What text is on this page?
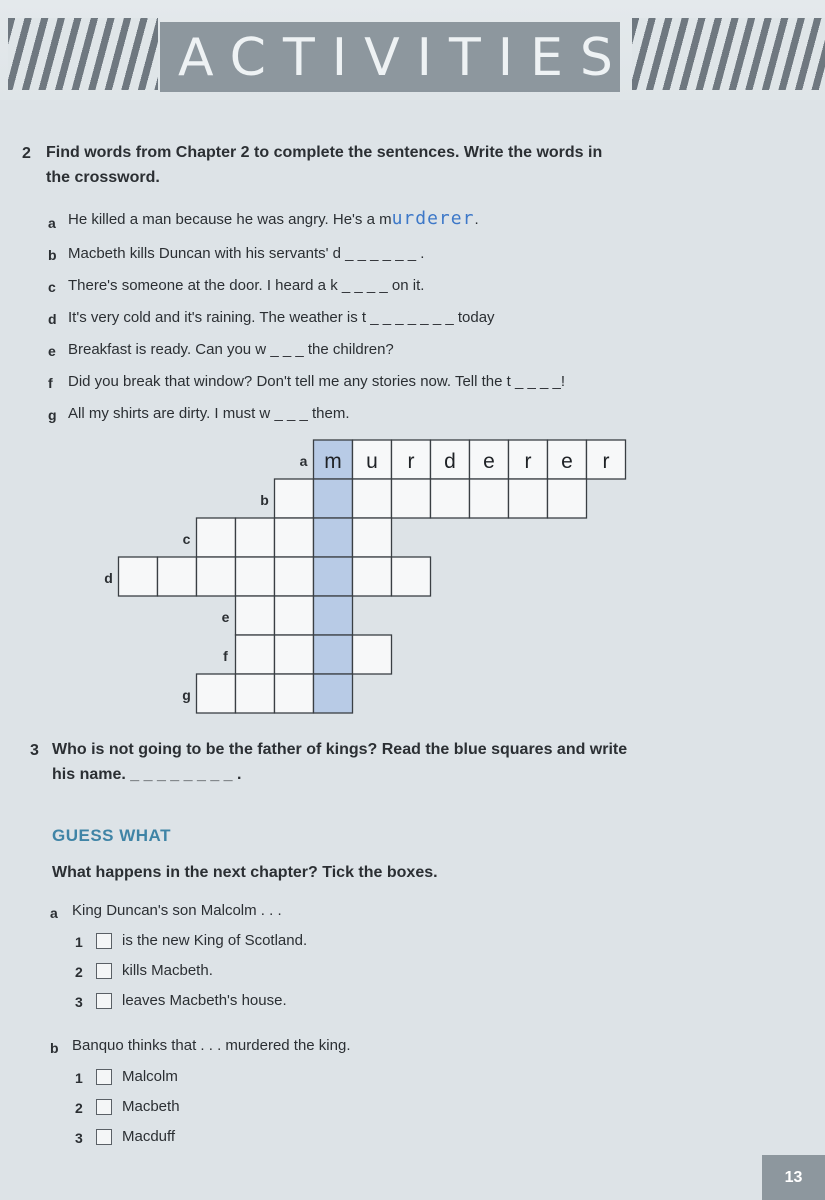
ACTIVITIES
2 Find words from Chapter 2 to complete the sentences. Write the words in
the crossword.
a He killed a man because he was angry. He's a murderer.
b Macbeth kills Duncan with his servants' d _ _ _ _ _ _ .
c There's someone at the door. I heard a k _ _ _ _ on it.
d It's very cold and it's raining. The weather is t _ _ _ _ _ _ _ today
e Breakfast is ready. Can you w _ _ _ the children?
f Did you break that window? Don't tell me any stories now. Tell the t _ _ _ _!
g All my shirts are dirty. I must w _ _ _ them.
a
b
c
d
e
f
g
m u r d e r e r
3 Who is not going to be the father of kings? Read the blue squares and write
his name. _ _ _ _ _ _ _ _ .
GUESS WHAT
What happens in the next chapter? Tick the boxes.
a King Duncan's son Malcolm . . .
1	is the new King of Scotland.
2	kills Macbeth.
3	leaves Macbeth's house.
b Banquo thinks that . . . murdered the king.
1	Malcolm
2	Macbeth
3	Macduff
13
